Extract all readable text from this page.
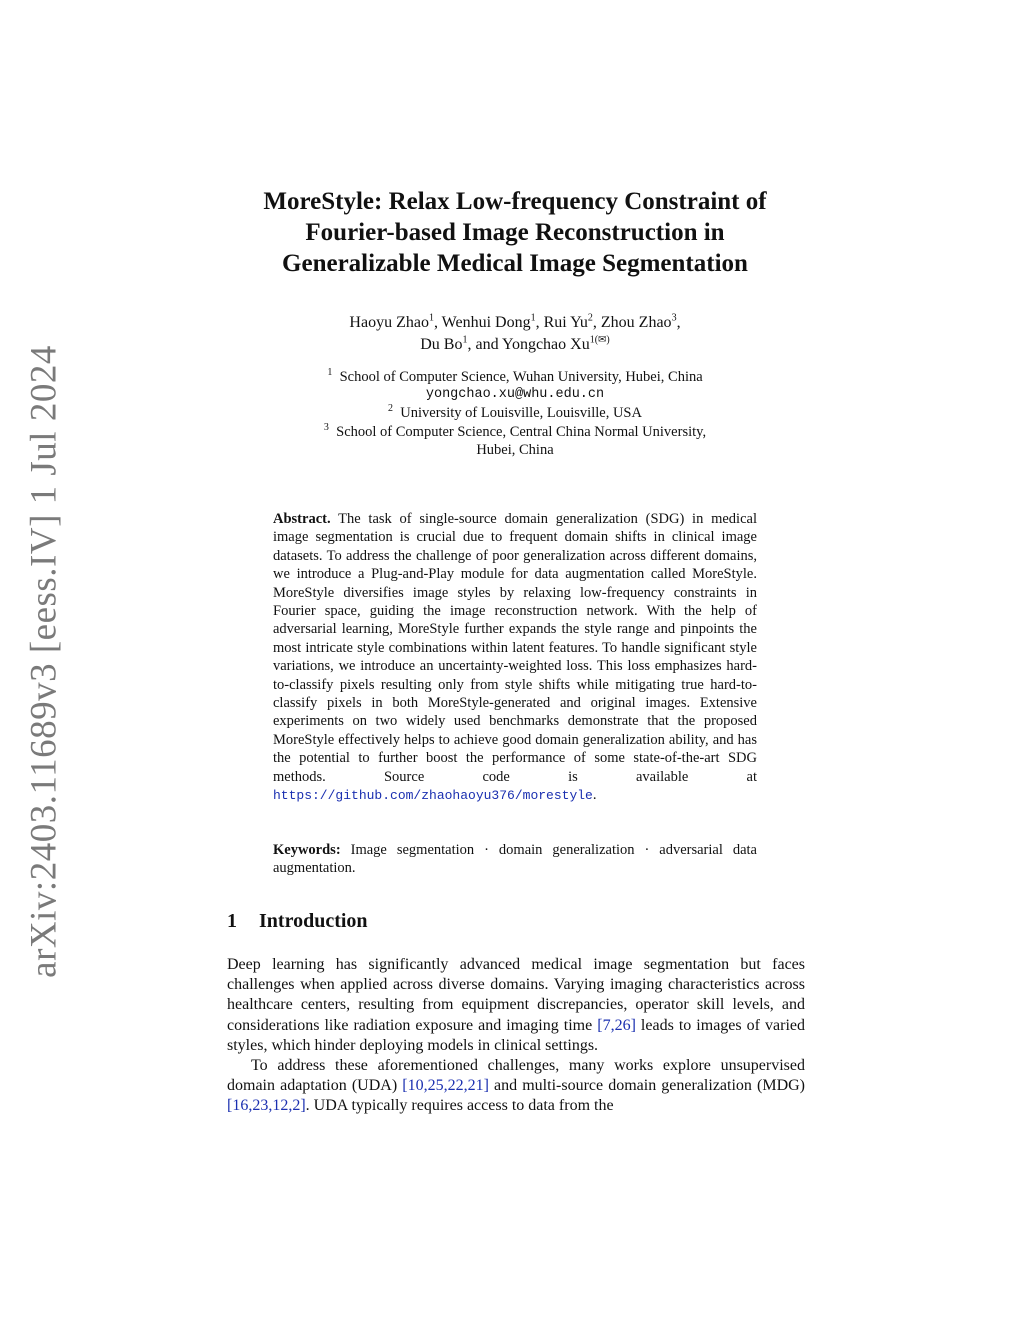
arXiv:2403.11689v3 [eess.IV] 1 Jul 2024
MoreStyle: Relax Low-frequency Constraint of
Fourier-based Image Reconstruction in
Generalizable Medical Image Segmentation
Haoyu Zhao$^1$, Wenhui Dong$^1$, Rui Yu$^2$, Zhou Zhao$^3$,
Du Bo$^1$, and Yongchao $Xu^{1(✉)}$
$^1$ School of Computer Science, Wuhan University, Hubei, China
yongchao.xu@whu.edu.cn
$^2$ University of Louisville, Louisville, USA
$^3$ School of Computer Science, Central China Normal University,
Hubei, China
Abstract. The task of single-source domain generalization (SDG) in medical image segmentation is crucial due to frequent domain shifts in clinical image datasets. To address the challenge of poor generalization across different domains, we introduce a Plug-and-Play module for data augmentation called MoreStyle. MoreStyle diversifies image styles by relaxing low-frequency constraints in Fourier space, guiding the image reconstruction network. With the help of adversarial learning, MoreStyle further expands the style range and pinpoints the most intricate style combinations within latent features. To handle significant style variations, we introduce an uncertainty-weighted loss. This loss emphasizes hard-to-classify pixels resulting only from style shifts while mitigating true hard-to-classify pixels in both MoreStyle-generated and original images. Extensive experiments on two widely used benchmarks demonstrate that the proposed MoreStyle effectively helps to achieve good domain generalization ability, and has the potential to further boost the performance of some state-of-the-art SDG methods. Source code is available at https://github.com/zhaohaoyu376/morestyle.
Keywords: Image segmentation · domain generalization · adversarial data augmentation.
1 Introduction

Deep learning has significantly advanced medical image segmentation but faces challenges when applied across diverse domains. Varying imaging characteristics across healthcare centers, resulting from equipment discrepancies, operator skill levels, and considerations like radiation exposure and imaging time [7,26] leads to images of varied styles, which hinder deploying models in clinical settings.

To address these aforementioned challenges, many works explore unsupervised domain adaptation (UDA) [10,25,22,21] and multi-source domain generalization (MDG) [16,23,12,2]. UDA typically requires access to data from the
